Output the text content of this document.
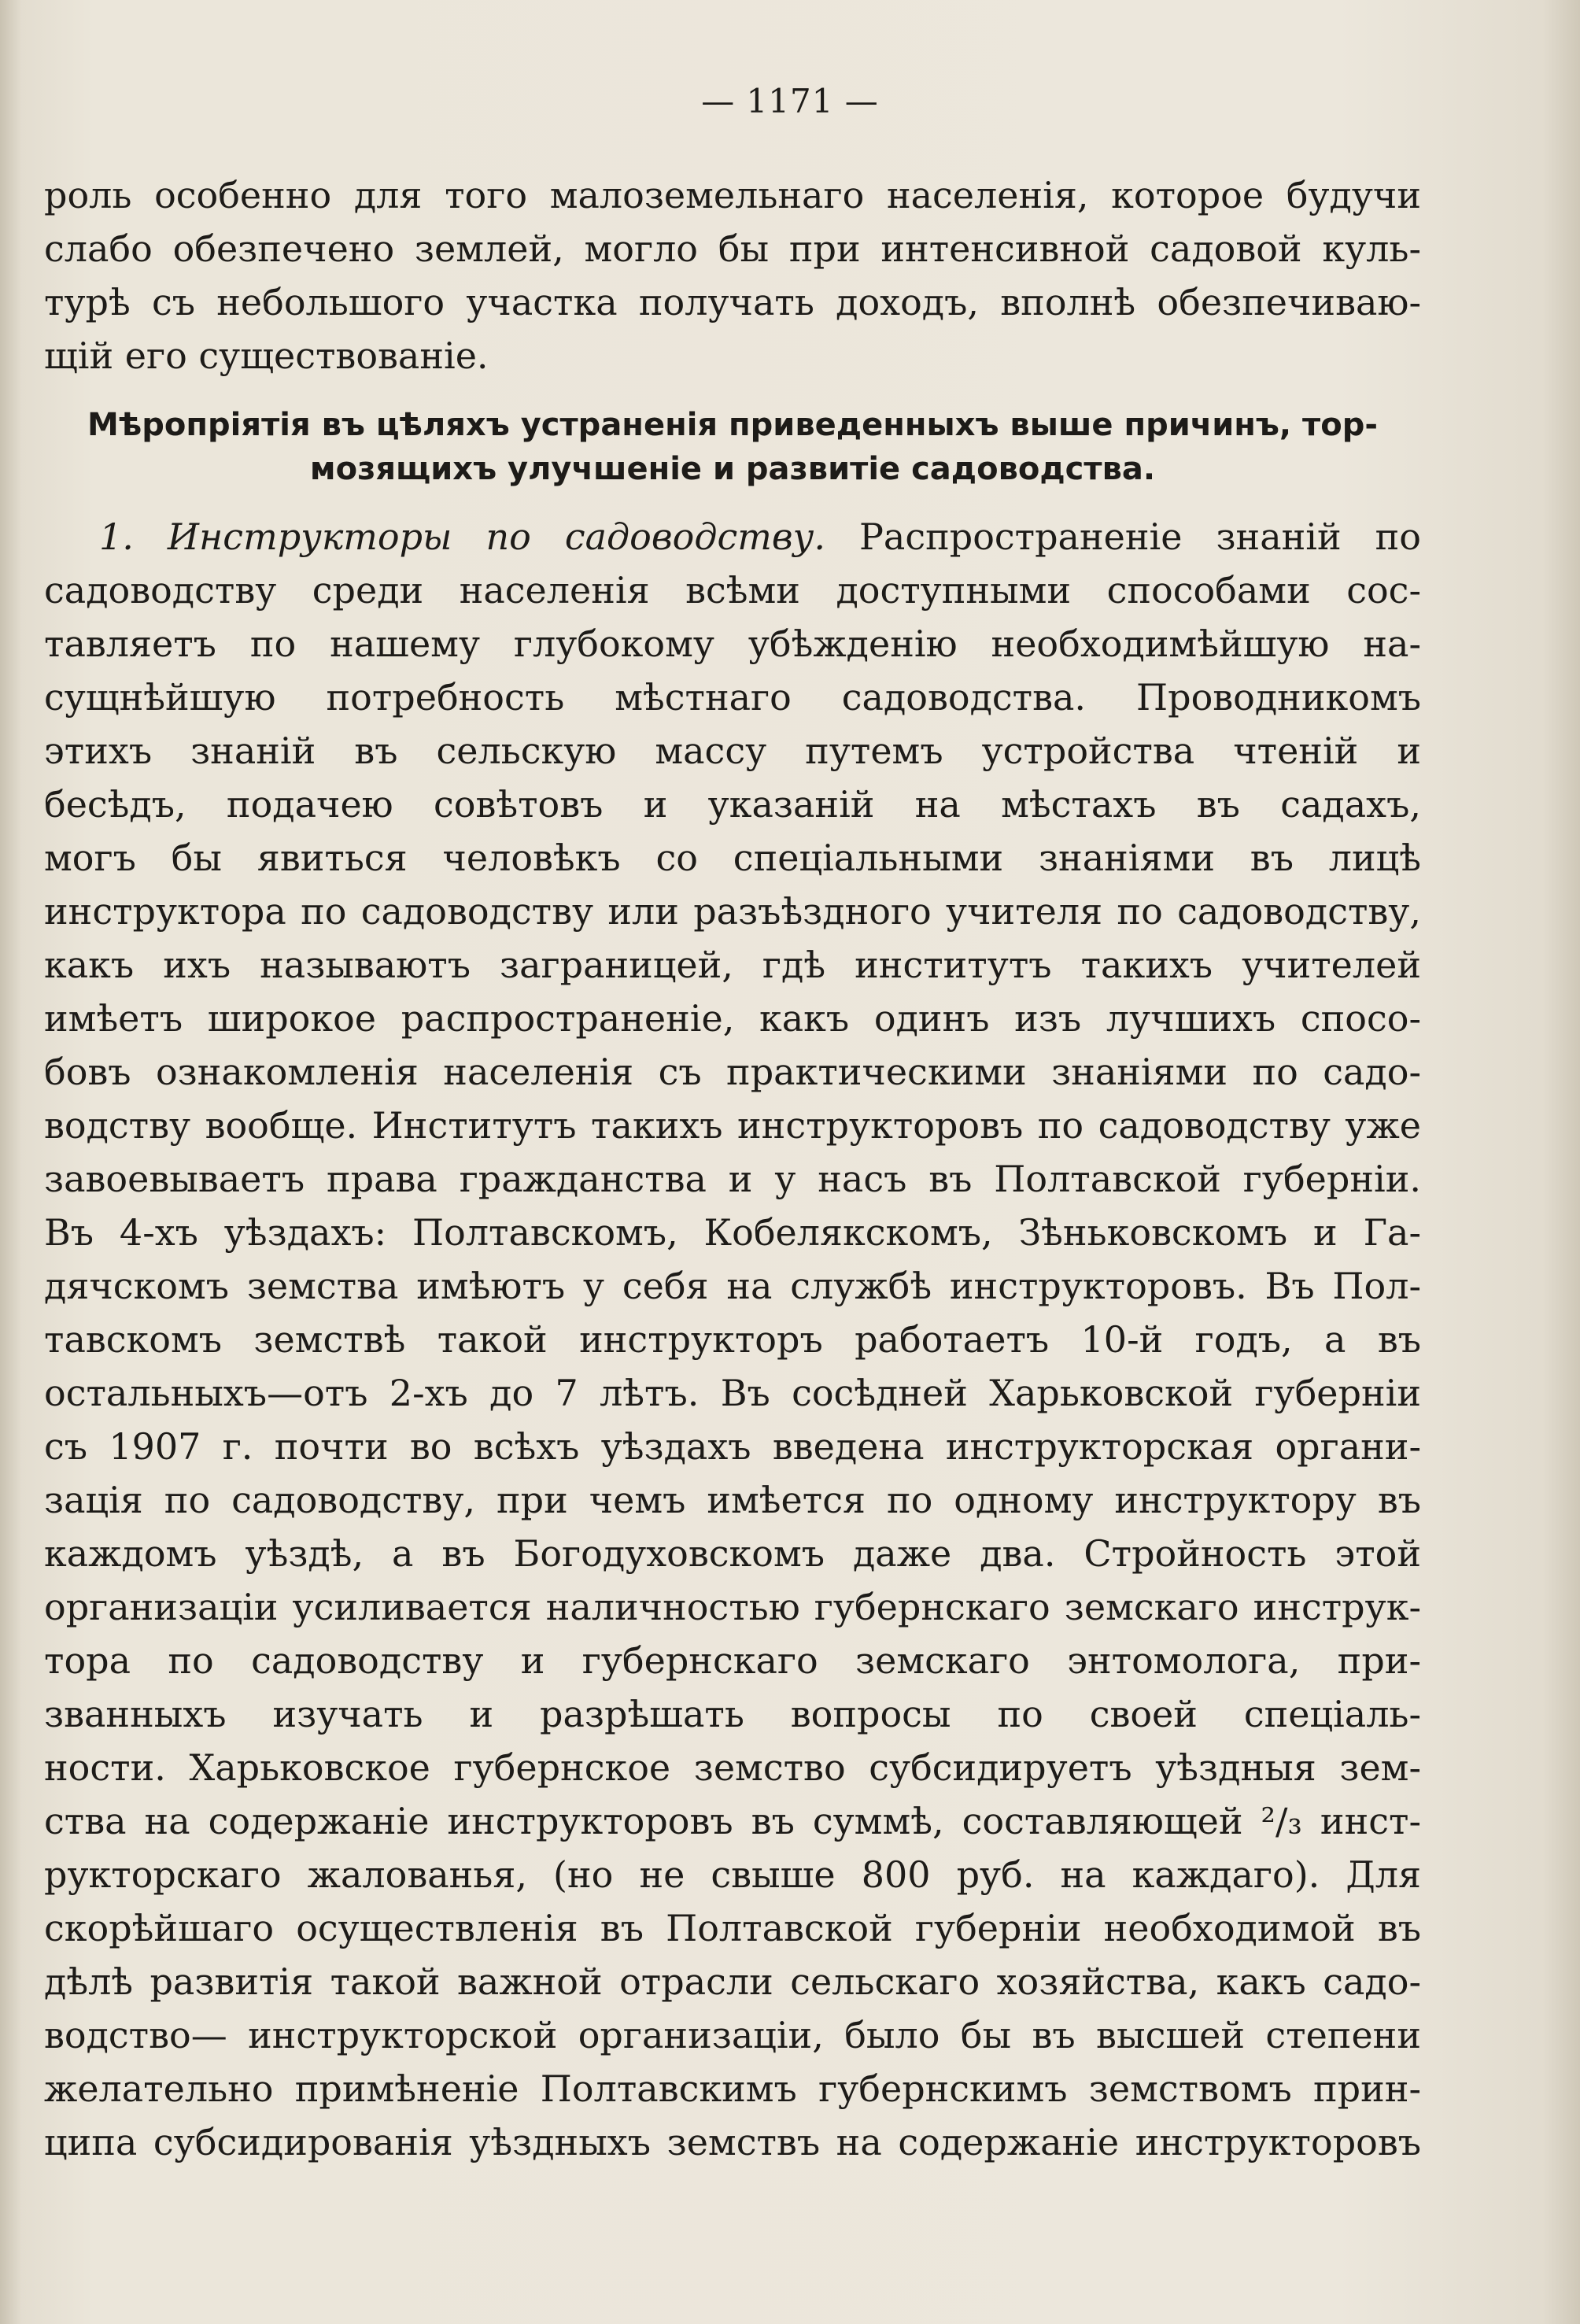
— 1171 —
роль особенно для того малоземельнаго населенія, которое будучи
слабо обезпечено землей, могло бы при интенсивной садовой куль-
турѣ съ небольшого участка получать доходъ, вполнѣ обезпечиваю-
щій его существованіе.
Мѣропріятія въ цѣляхъ устраненія приведенныхъ выше причинъ, тор-
мозящихъ улучшеніе и развитіе садоводства.
1. Инструкторы по садоводству. Распространеніе знаній по
садоводству среди населенія всѣми доступными способами сос-
тавляетъ по нашему глубокому убѣжденію необходимѣйшую на-
сущнѣйшую потребность мѣстнаго садоводства. Проводникомъ
этихъ знаній въ сельскую массу путемъ устройства чтеній и
бесѣдъ, подачею совѣтовъ и указаній на мѣстахъ въ садахъ,
могъ бы явиться человѣкъ со спеціальными знаніями въ лицѣ
инструктора по садоводству или разъѣздного учителя по садоводству,
какъ ихъ называютъ заграницей, гдѣ институтъ такихъ учителей
имѣетъ широкое распространеніе, какъ одинъ изъ лучшихъ спосо-
бовъ ознакомленія населенія съ практическими знаніями по садо-
водству вообще. Институтъ такихъ инструкторовъ по садоводству уже
завоевываетъ права гражданства и у насъ въ Полтавской губерніи.
Въ 4-хъ уѣздахъ: Полтавскомъ, Кобелякскомъ, Зѣньковскомъ и Га-
дячскомъ земства имѣютъ у себя на службѣ инструкторовъ. Въ Пол-
тавскомъ земствѣ такой инструкторъ работаетъ 10-й годъ, а въ
остальныхъ—отъ 2-хъ до 7 лѣтъ. Въ сосѣдней Харьковской губерніи
съ 1907 г. почти во всѣхъ уѣздахъ введена инструкторская органи-
зація по садоводству, при чемъ имѣется по одному инструктору въ
каждомъ уѣздѣ, а въ Богодуховскомъ даже два. Стройность этой
организаціи усиливается наличностью губернскаго земскаго инструк-
тора по садоводству и губернскаго земскаго энтомолога, при-
званныхъ изучать и разрѣшать вопросы по своей спеціаль-
ности. Харьковское губернское земство субсидируетъ уѣздныя зем-
ства на содержаніе инструкторовъ въ суммѣ, составляющей ²/₃ инст-
рукторскаго жалованья, (но не свыше 800 руб. на каждаго). Для
скорѣйшаго осуществленія въ Полтавской губерніи необходимой въ
дѣлѣ развитія такой важной отрасли сельскаго хозяйства, какъ садо-
водство— инструкторской организаціи, было бы въ высшей степени
желательно примѣненіе Полтавскимъ губернскимъ земствомъ прин-
ципа субсидированія уѣздныхъ земствъ на содержаніе инструкторовъ
